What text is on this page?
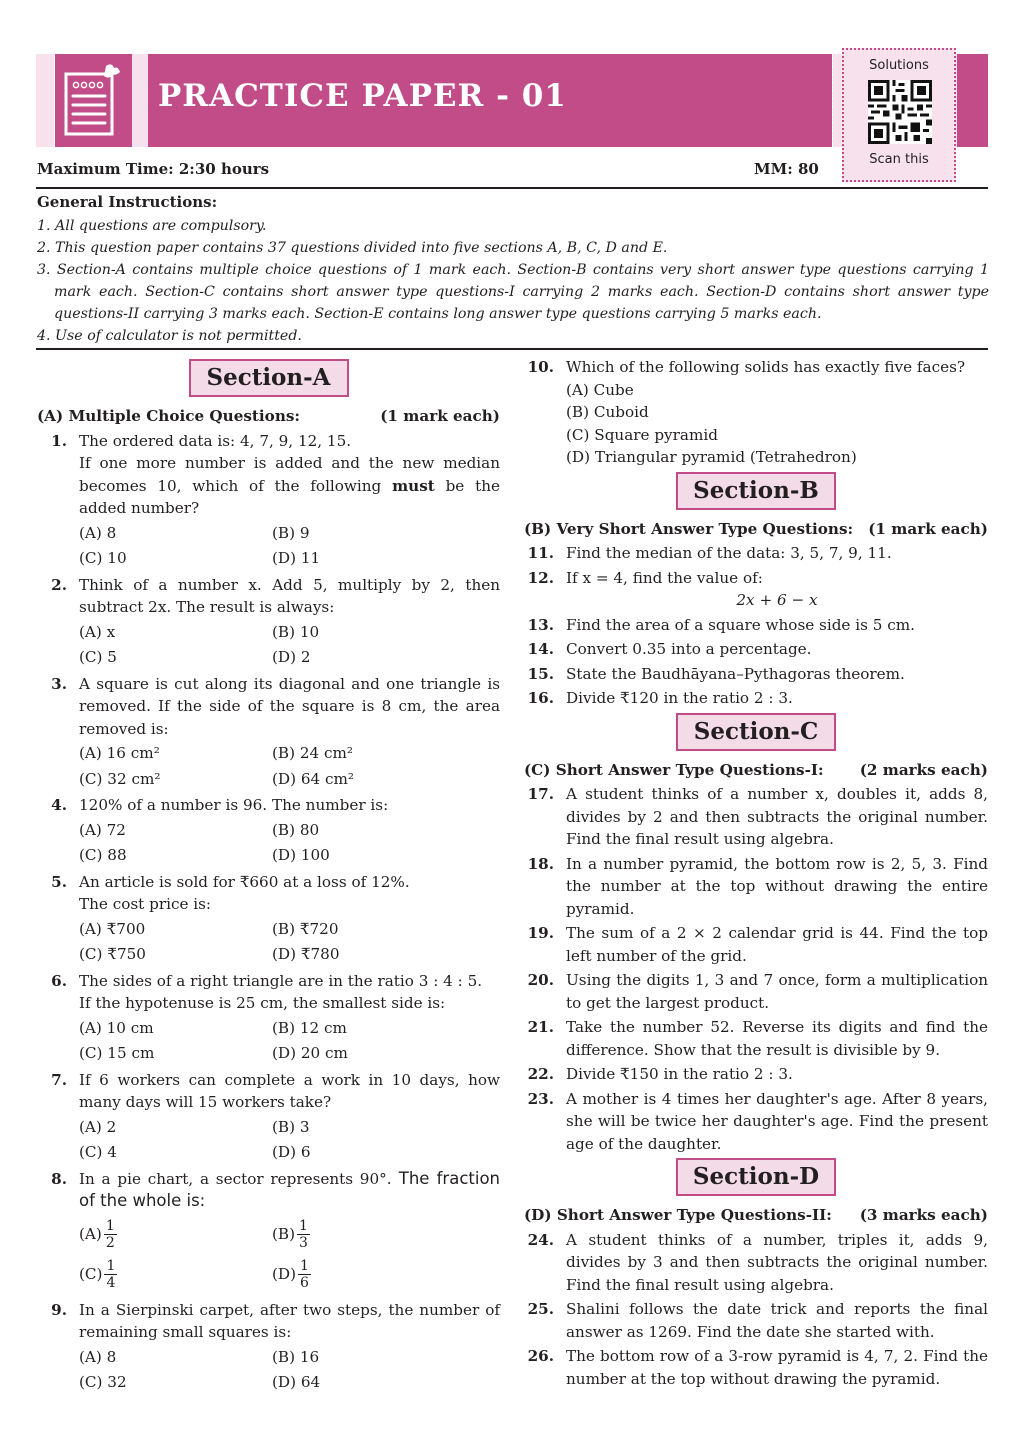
PRACTICE PAPER - 01
Solutions
Scan this
Maximum Time: 2:30 hours	MM: 80
General Instructions:
1. All questions are compulsory.
2. This question paper contains 37 questions divided into five sections A, B, C, D and E.
3. Section-A contains multiple choice questions of 1 mark each. Section-B contains very short answer type questions carrying 1 mark each. Section-C contains short answer type questions-I carrying 2 marks each. Section-D contains short answer type questions-II carrying 3 marks each. Section-E contains long answer type questions carrying 5 marks each.
4. Use of calculator is not permitted.
Section-A
(A) Multiple Choice Questions:	(1 mark each)
1. The ordered data is: 4, 7, 9, 12, 15.
If one more number is added and the new median becomes 10, which of the following must be the added number?
(A) 8	(B) 9
(C) 10	(D) 11
2. Think of a number x. Add 5, multiply by 2, then subtract 2x. The result is always:
(A) x	(B) 10
(C) 5	(D) 2
3. A square is cut along its diagonal and one triangle is removed. If the side of the square is 8 cm, the area removed is:
(A) 16 cm²	(B) 24 cm²
(C) 32 cm²	(D) 64 cm²
4. 120% of a number is 96. The number is:
(A) 72	(B) 80
(C) 88	(D) 100
5. An article is sold for ₹660 at a loss of 12%.
The cost price is:
(A) ₹700	(B) ₹720
(C) ₹750	(D) ₹780
6. The sides of a right triangle are in the ratio 3 : 4 : 5.
If the hypotenuse is 25 cm, the smallest side is:
(A) 10 cm	(B) 12 cm
(C) 15 cm	(D) 20 cm
7. If 6 workers can complete a work in 10 days, how many days will 15 workers take?
(A) 2	(B) 3
(C) 4	(D) 6
8. In a pie chart, a sector represents 90°. The fraction of the whole is:
$(A) \frac{1}{2}$	$(B) \frac{1}{3}$
$(C) \frac{1}{4}$	$(D) \frac{1}{6}$
9. In a Sierpinski carpet, after two steps, the number of remaining small squares is:
(A) 8	(B) 16
(C) 32	(D) 64
10. Which of the following solids has exactly five faces?
(A) Cube
(B) Cuboid
(C) Square pyramid
(D) Triangular pyramid (Tetrahedron)
Section-B
(B) Very Short Answer Type Questions: (1 mark each)
11. Find the median of the data: 3, 5, 7, 9, 11.
12. If x = 4, find the value of:
2x + 6 − x
13. Find the area of a square whose side is 5 cm.
14. Convert 0.35 into a percentage.
15. State the Baudhāyana–Pythagoras theorem.
16. Divide ₹120 in the ratio 2 : 3.
Section-C
(C) Short Answer Type Questions-I: (2 marks each)
17. A student thinks of a number x, doubles it, adds 8, divides by 2 and then subtracts the original number. Find the final result using algebra.
18. In a number pyramid, the bottom row is 2, 5, 3. Find the number at the top without drawing the entire pyramid.
19. The sum of a 2 × 2 calendar grid is 44. Find the top left number of the grid.
20. Using the digits 1, 3 and 7 once, form a multiplication to get the largest product.
21. Take the number 52. Reverse its digits and find the difference. Show that the result is divisible by 9.
22. Divide ₹150 in the ratio 2 : 3.
23. A mother is 4 times her daughter's age. After 8 years, she will be twice her daughter's age. Find the present age of the daughter.
Section-D
(D) Short Answer Type Questions-II: (3 marks each)
24. A student thinks of a number, triples it, adds 9, divides by 3 and then subtracts the original number. Find the final result using algebra.
25. Shalini follows the date trick and reports the final answer as 1269. Find the date she started with.
26. The bottom row of a 3-row pyramid is 4, 7, 2. Find the number at the top without drawing the pyramid.
